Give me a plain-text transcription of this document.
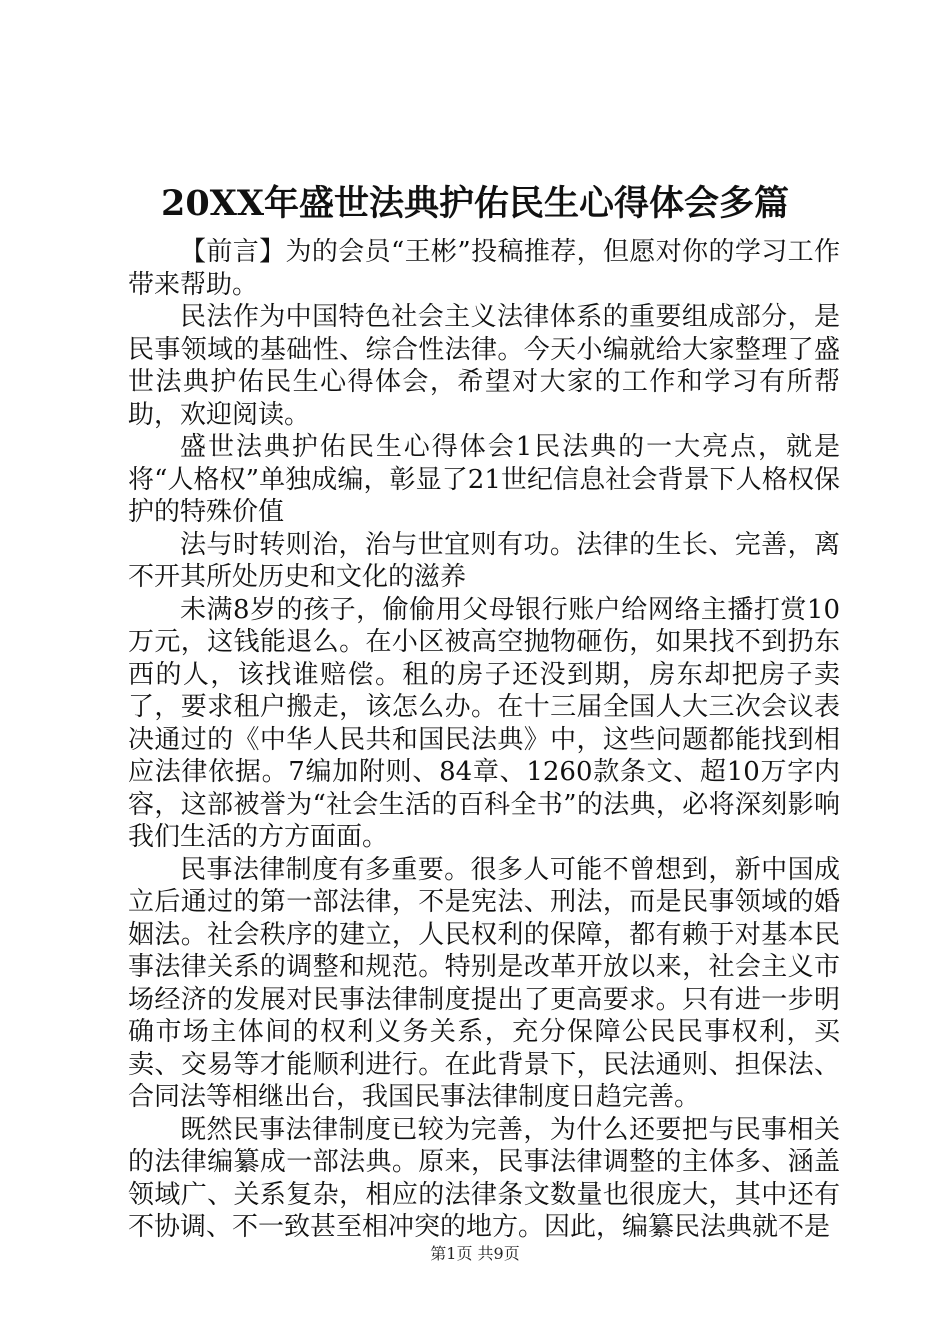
20XX年盛世法典护佑民生心得体会多篇

【前言】为的会员“王彬”投稿推荐，但愿对你的学习工作带来帮助。

民法作为中国特色社会主义法律体系的重要组成部分，是民事领域的基础性、综合性法律。今天小编就给大家整理了盛世法典护佑民生心得体会，希望对大家的工作和学习有所帮助，欢迎阅读。

盛世法典护佑民生心得体会1民法典的一大亮点，就是将“人格权”单独成编，彰显了21世纪信息社会背景下人格权保护的特殊价值

法与时转则治，治与世宜则有功。法律的生长、完善，离不开其所处历史和文化的滋养

未满8岁的孩子，偷偷用父母银行账户给网络主播打赏10万元，这钱能退么。在小区被高空抛物砸伤，如果找不到扔东西的人，该找谁赔偿。租的房子还没到期，房东却把房子卖了，要求租户搬走，该怎么办。在十三届全国人大三次会议表决通过的《中华人民共和国民法典》中，这些问题都能找到相应法律依据。7编加附则、84章、1260款条文、超10万字内容，这部被誉为“社会生活的百科全书”的法典，必将深刻影响我们生活的方方面面。

民事法律制度有多重要。很多人可能不曾想到，新中国成立后通过的第一部法律，不是宪法、刑法，而是民事领域的婚姻法。社会秩序的建立，人民权利的保障，都有赖于对基本民事法律关系的调整和规范。特别是改革开放以来，社会主义市场经济的发展对民事法律制度提出了更高要求。只有进一步明确市场主体间的权利义务关系，充分保障公民民事权利，买卖、交易等才能顺利进行。在此背景下，民法通则、担保法、合同法等相继出台，我国民事法律制度日趋完善。

既然民事法律制度已较为完善，为什么还要把与民事相关的法律编纂成一部法典。原来，民事法律调整的主体多、涵盖领域广、关系复杂，相应的法律条文数量也很庞大，其中还有不协调、不一致甚至相冲突的地方。因此，编纂民法典就不是

第1页 共9页
